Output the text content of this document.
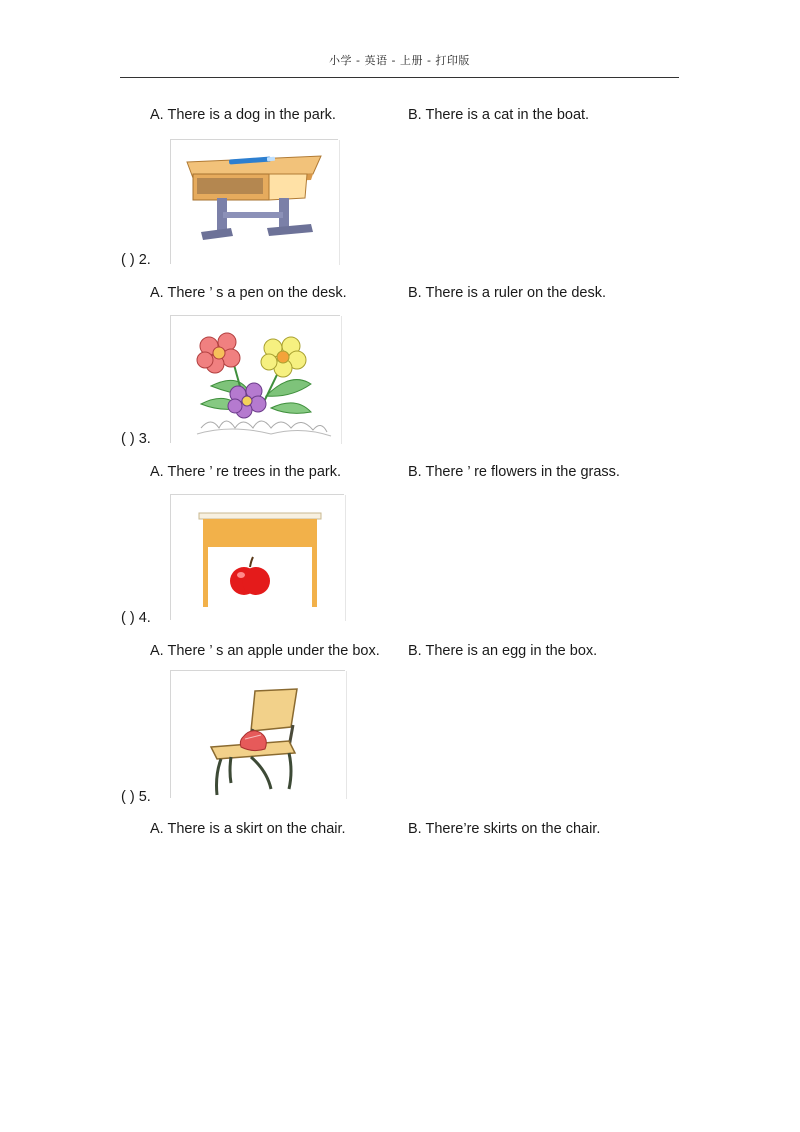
小学 - 英语 - 上册 - 打印版
A. There is a dog in the park.	B. There is a cat in the boat.
( ) 2.
A. There ’ s a pen on the desk.	B. There is a ruler on the desk.
( ) 3.
A. There ’ re trees in the park.	B. There ’ re flowers in the grass.
( ) 4.
A. There ’ s an apple under the box. B. There is an egg in the box.
( ) 5.
A. There is a skirt on the chair.	B. There’re skirts on the chair.
